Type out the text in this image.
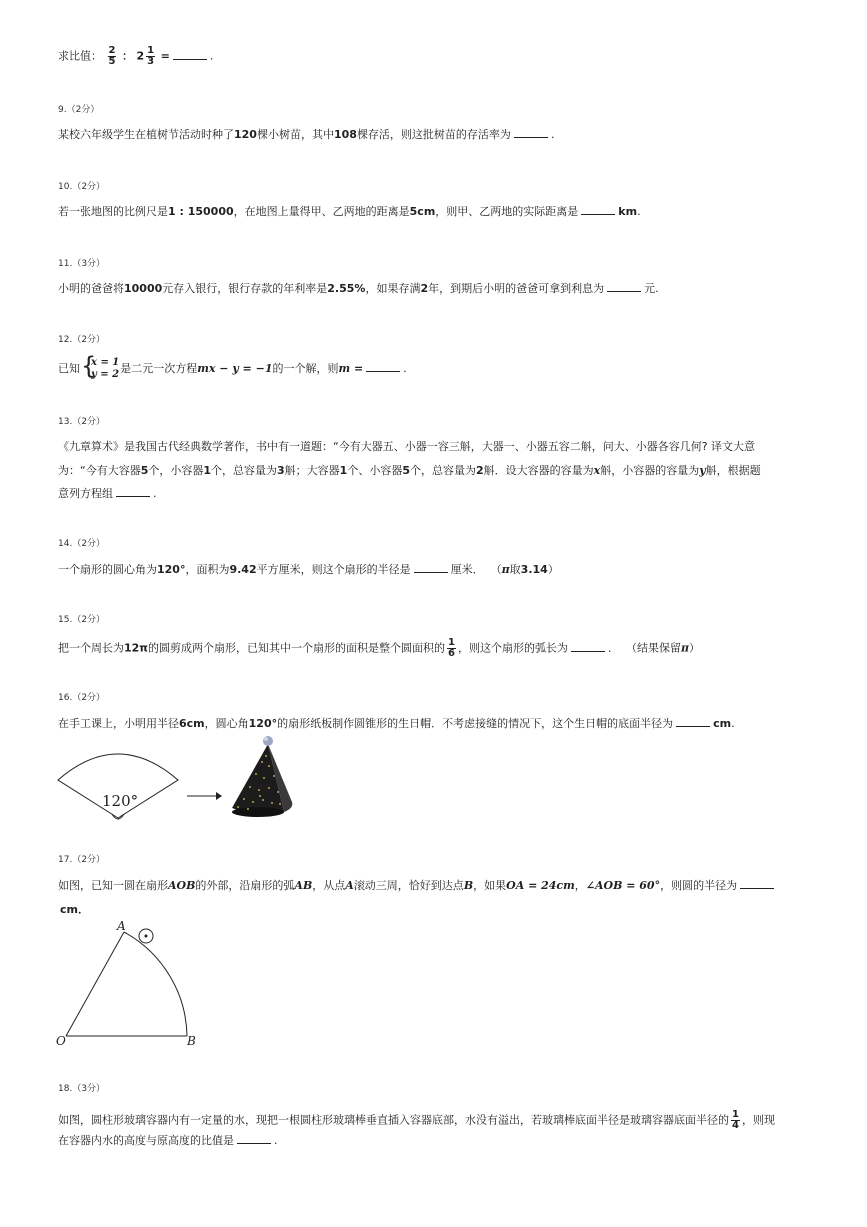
求比值： $\frac{2}{5}$ ： $2 \frac{1}{3}$ =	.
9.（2分）
某校六年级学生在植树节活动时种了120棵小树苗，其中108棵存活，则这批树苗的存活率为	.
10.（2分）
若一张地图的比例尺是1 : 150000，在地图上量得甲、乙两地的距离是5cm，则甲、乙两地的实际距离是	km.
11.（3分）
小明的爸爸将10000元存入银行，银行存款的年利率是2.55%，如果存满2年，到期后小明的爸爸可拿到利息为	元.
12.（2分）
已知 {
x = 1
y = 2 是二元一次方程mx − y = −1的一个解，则m =	.
13.（2分）
《九章算术》是我国古代经典数学著作，书中有一道题：“今有大器五、小器一容三斛，大器一、小器五容二斛，问大、小器各容几何? 译文大意
为：“今有大容器5个，小容器1个，总容量为3斛；大容器1个、小容器5个，总容量为2斛．设大容器的容量为x斛，小容器的容量为y斛，根据题
意列方程组	.
14.（2分）
一个扇形的圆心角为120°，面积为9.42平方厘米，则这个扇形的半径是	厘米． （π取3.14）
15.（2分）
把一个周长为12π的圆剪成两个扇形，已知其中一个扇形的面积是整个圆面积的 $\frac{1}{6}$ ，则这个扇形的弧长为	． （结果保留π）
16.（2分）
在手工课上，小明用半径6cm，圆心角120°的扇形纸板制作圆锥形的生日帽．不考虑接缝的情况下，这个生日帽的底面半径为	cm.
120°
17.（2分）
如图，已知一圆在扇形AOB的外部，沿扇形的弧AB，从点A滚动三周，恰好到达点B，如果OA = 24cm，∠AOB = 60°，则圆的半径为
cm．
A
O	B
18.（3分）
如图，圆柱形玻璃容器内有一定量的水，现把一根圆柱形玻璃棒垂直插入容器底部，水没有溢出，若玻璃棒底面半径是玻璃容器底面半径的 $\frac{1}{4}$ ，则现
在容器内水的高度与原高度的比值是	.
